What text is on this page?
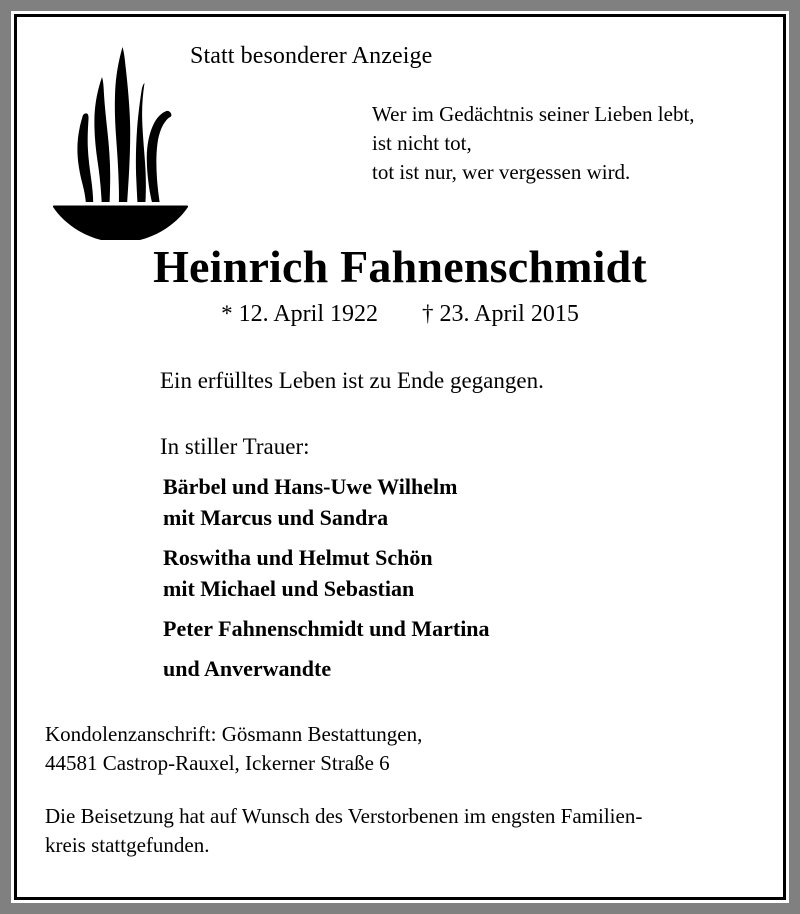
Statt besonderer Anzeige
Wer im Gedächtnis seiner Lieben lebt,
ist nicht tot,
tot ist nur, wer vergessen wird.
Heinrich Fahnenschmidt
* 12. April 1922 † 23. April 2015
Ein erfülltes Leben ist zu Ende gegangen.
In stiller Trauer:
Bärbel und Hans-Uwe Wilhelm
mit Marcus und Sandra
Roswitha und Helmut Schön
mit Michael und Sebastian
Peter Fahnenschmidt und Martina
und Anverwandte
Kondolenzanschrift: Gösmann Bestattungen,
44581 Castrop-Rauxel, Ickerner Straße 6
Die Beisetzung hat auf Wunsch des Verstorbenen im engsten Familien-
kreis stattgefunden.
